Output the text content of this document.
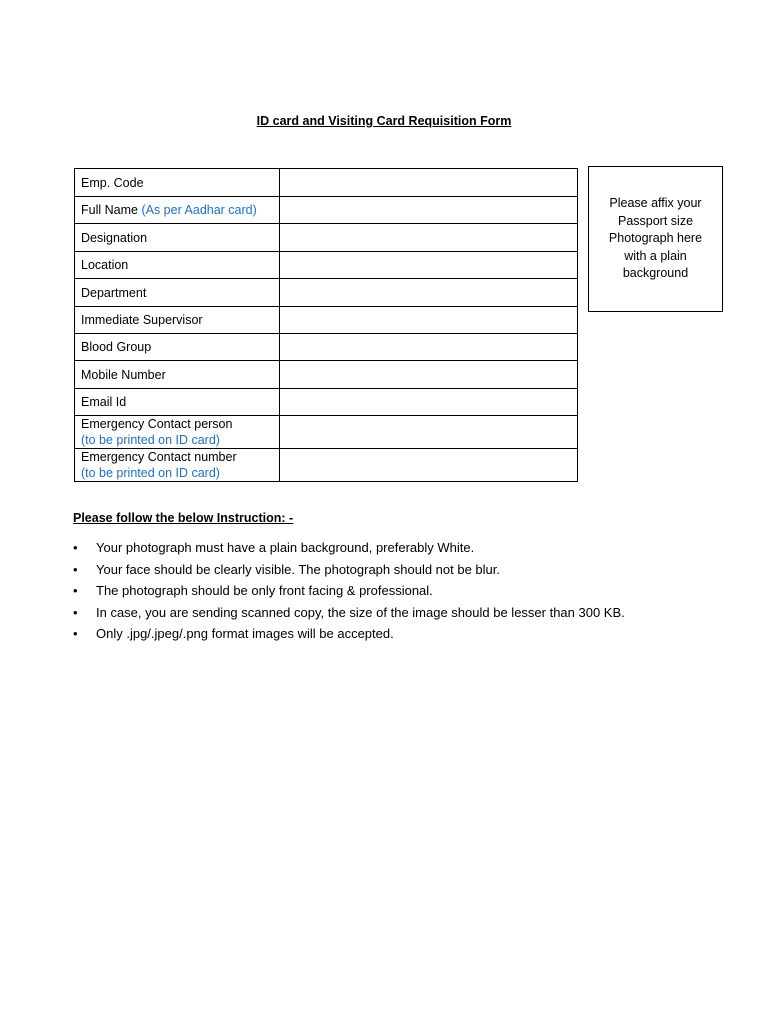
ID card and Visiting Card Requisition Form
Emp. Code	
Full Name (As per Aadhar card)	
Designation	
Location	
Department	
Immediate Supervisor	
Blood Group	
Mobile Number	
Email Id	

Emergency Contact person
(to be printed on ID card)	

Emergency Contact number
(to be printed on ID card)	

Please affix your Passport size Photograph here with a plain background
Please follow the below Instruction: -
• Your photograph must have a plain background, preferably White.
• Your face should be clearly visible. The photograph should not be blur.
• The photograph should be only front facing & professional.
• In case, you are sending scanned copy, the size of the image should be lesser than 300 KB.
• Only .jpg/.jpeg/.png format images will be accepted.
